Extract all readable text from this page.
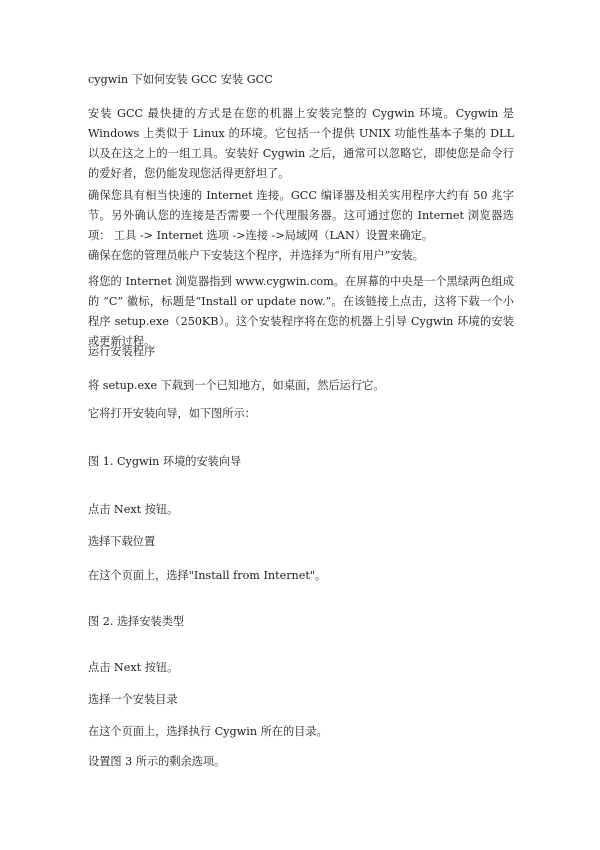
cygwin 下如何安装 GCC 安装 GCC

安装 GCC 最快捷的方式是在您的机器上安装完整的 Cygwin 环境。Cygwin 是 Windows 上类似于 Linux 的环境。它包括一个提供 UNIX 功能性基本子集的 DLL 以及在这之上的一组工具。安装好 Cygwin 之后，通常可以忽略它，即使您是命令行的爱好者，您仍能发现您活得更舒坦了。

确保您具有相当快速的 Internet 连接。GCC 编译器及相关实用程序大约有 50 兆字节。另外确认您的连接是否需要一个代理服务器。这可通过您的 Internet 浏览器选项： 工具 -> Internet 选项 ->连接 ->局域网（LAN）设置来确定。

确保在您的管理员帐户下安装这个程序，并选择为“所有用户”安装。

将您的 Internet 浏览器指到 www.cygwin.com。在屏幕的中央是一个黑绿两色组成的 “C” 徽标，标题是“Install or update now.”。在该链接上点击，这将下载一个小程序 setup.exe（250KB）。这个安装程序将在您的机器上引导 Cygwin 环境的安装或更新过程。

运行安装程序

将 setup.exe 下载到一个已知地方，如桌面，然后运行它。

它将打开安装向导，如下图所示：

图 1. Cygwin 环境的安装向导

点击 Next 按钮。

选择下载位置

在这个页面上，选择"Install from Internet"。

图 2. 选择安装类型

点击 Next 按钮。

选择一个安装目录

在这个页面上，选择执行 Cygwin 所在的目录。

设置图 3 所示的剩余选项。
